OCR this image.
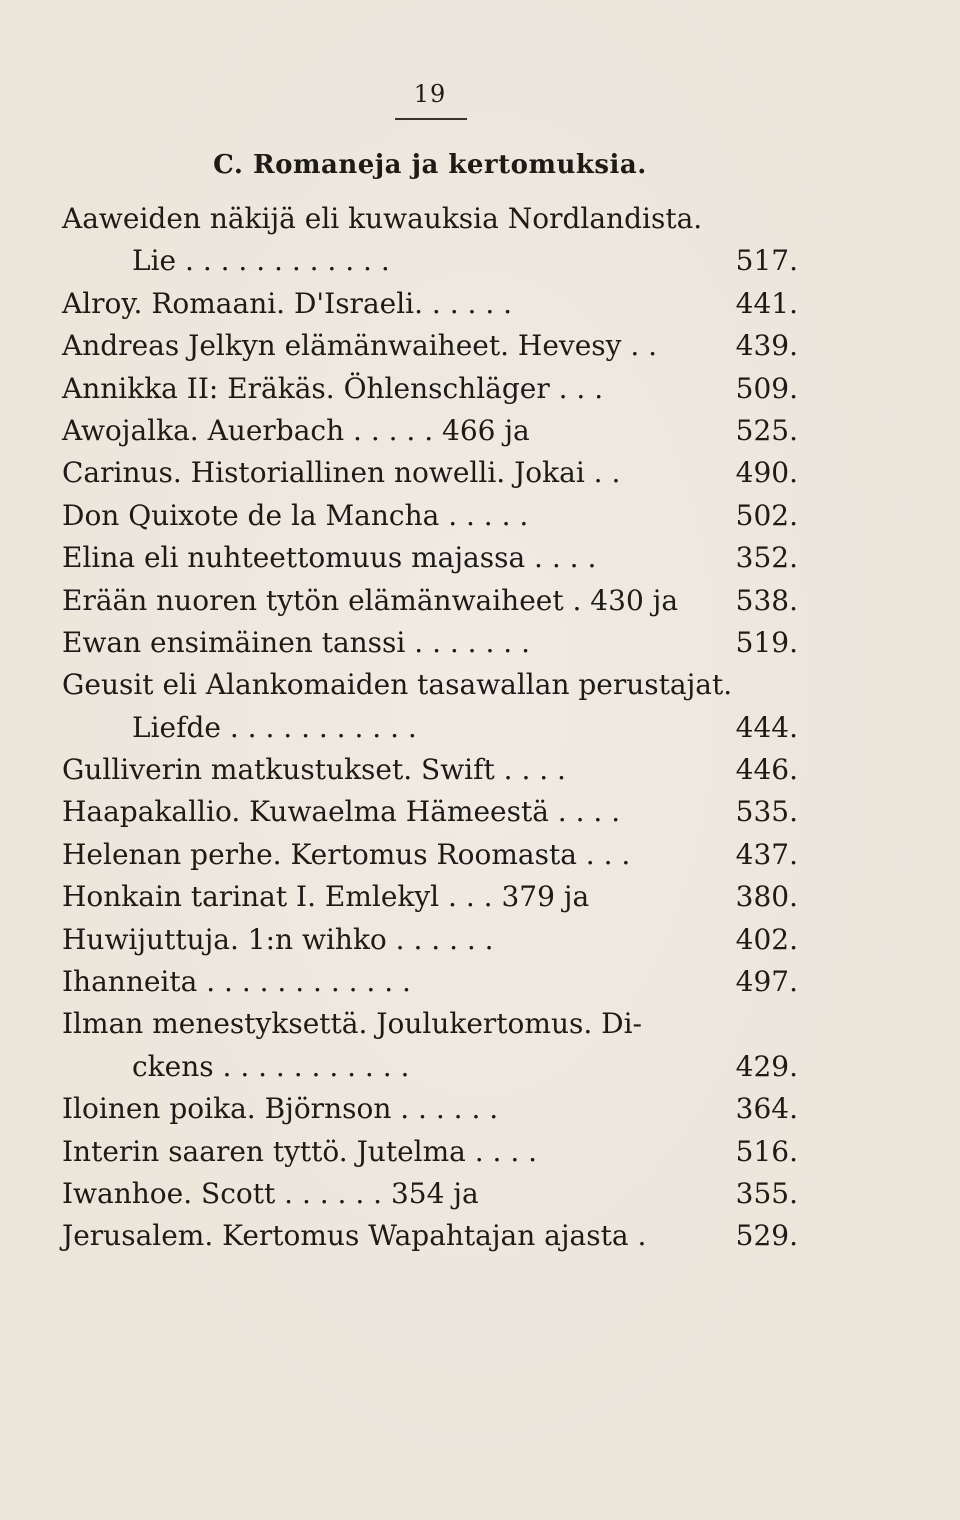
19
C. Romaneja ja kertomuksia.
Aaweiden näkijä eli kuwauksia Nordlandista.
Lie . . . . . . . . . . . .	517.
Alroy. Romaani. D'Israeli. . . . . .	441.
Andreas Jelkyn elämänwaiheet. Hevesy . .	439.
Annikka II: Eräkäs. Öhlenschläger . . .	509.
Awojalka. Auerbach . . . . . 466 ja	525.
Carinus. Historiallinen nowelli. Jokai . .	490.
Don Quixote de la Mancha . . . . .	502.
Elina eli nuhteettomuus majassa . . . .	352.
Erään nuoren tytön elämänwaiheet . 430 ja 538.
Ewan ensimäinen tanssi . . . . . . .	519.
Geusit eli Alankomaiden tasawallan perustajat.
Liefde . . . . . . . . . . .	444.
Gulliverin matkustukset. Swift . . . .	446.
Haapakallio. Kuwaelma Hämeestä . . . .	535.
Helenan perhe. Kertomus Roomasta . . .	437.
Honkain tarinat I. Emlekyl . . . 379 ja	380.
Huwijuttuja. 1:n wihko . . . . . .	402.
Ihanneita . . . . . . . . . . . .	497.
Ilman menestyksettä. Joulukertomus. Di-
ckens . . . . . . . . . . .	429.
Iloinen poika. Björnson . . . . . .	364.
Interin saaren tyttö. Jutelma . . . .	516.
Iwanhoe. Scott . . . . . . 354 ja	355.
Jerusalem. Kertomus Wapahtajan ajasta .	529.
